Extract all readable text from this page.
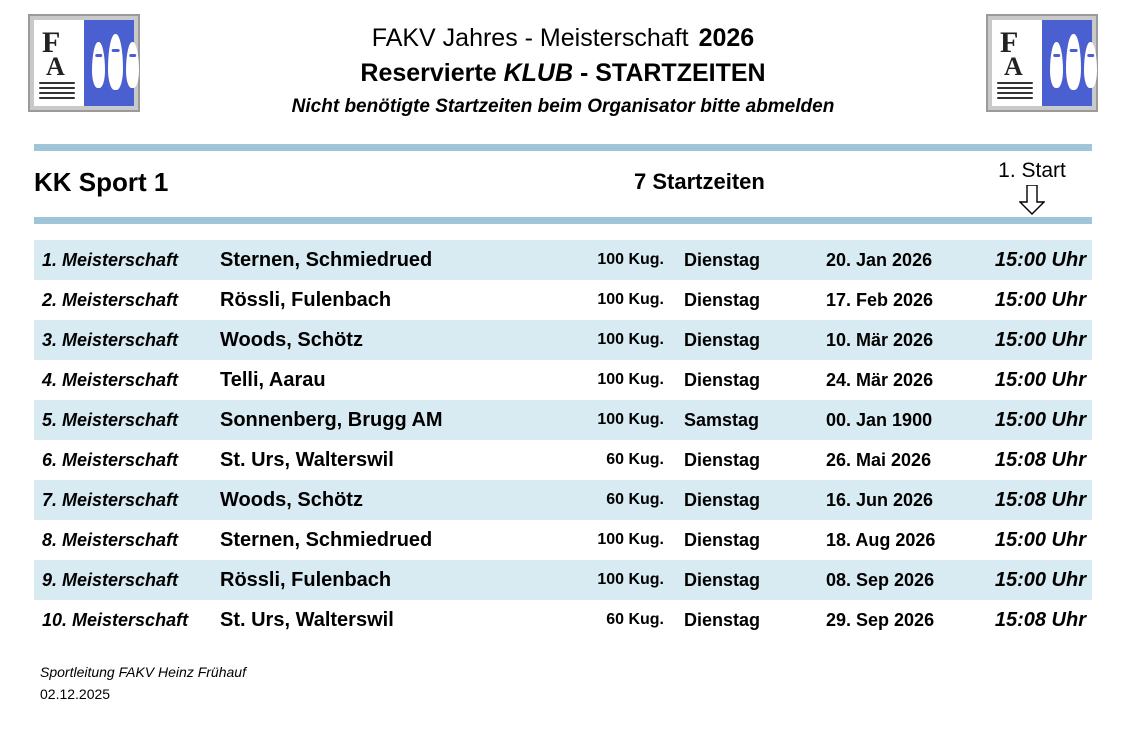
F
A
FAKV Jahres - Meisterschaft 2026
Reservierte KLUB - STARTZEITEN
Nicht benötigte Startzeiten beim Organisator bitte abmelden
F
A
KK Sport 1	7 Startzeiten	1. Start
1. Meisterschaft	Sternen, Schmiedrued	100 Kug.	Dienstag	20. Jan 2026	15:00 Uhr
2. Meisterschaft	Rössli, Fulenbach	100 Kug.	Dienstag	17. Feb 2026	15:00 Uhr
3. Meisterschaft	Woods, Schötz	100 Kug.	Dienstag	10. Mär 2026	15:00 Uhr
4. Meisterschaft	Telli, Aarau	100 Kug.	Dienstag	24. Mär 2026	15:00 Uhr
5. Meisterschaft	Sonnenberg, Brugg AM	100 Kug.	Samstag	00. Jan 1900	15:00 Uhr
6. Meisterschaft	St. Urs, Walterswil	60 Kug.	Dienstag	26. Mai 2026	15:08 Uhr
7. Meisterschaft	Woods, Schötz	60 Kug.	Dienstag	16. Jun 2026	15:08 Uhr
8. Meisterschaft	Sternen, Schmiedrued	100 Kug.	Dienstag	18. Aug 2026	15:00 Uhr
9. Meisterschaft	Rössli, Fulenbach	100 Kug.	Dienstag	08. Sep 2026	15:00 Uhr
10. Meisterschaft	St. Urs, Walterswil	60 Kug.	Dienstag	29. Sep 2026	15:08 Uhr
Sportleitung FAKV Heinz Frühauf
02.12.2025
